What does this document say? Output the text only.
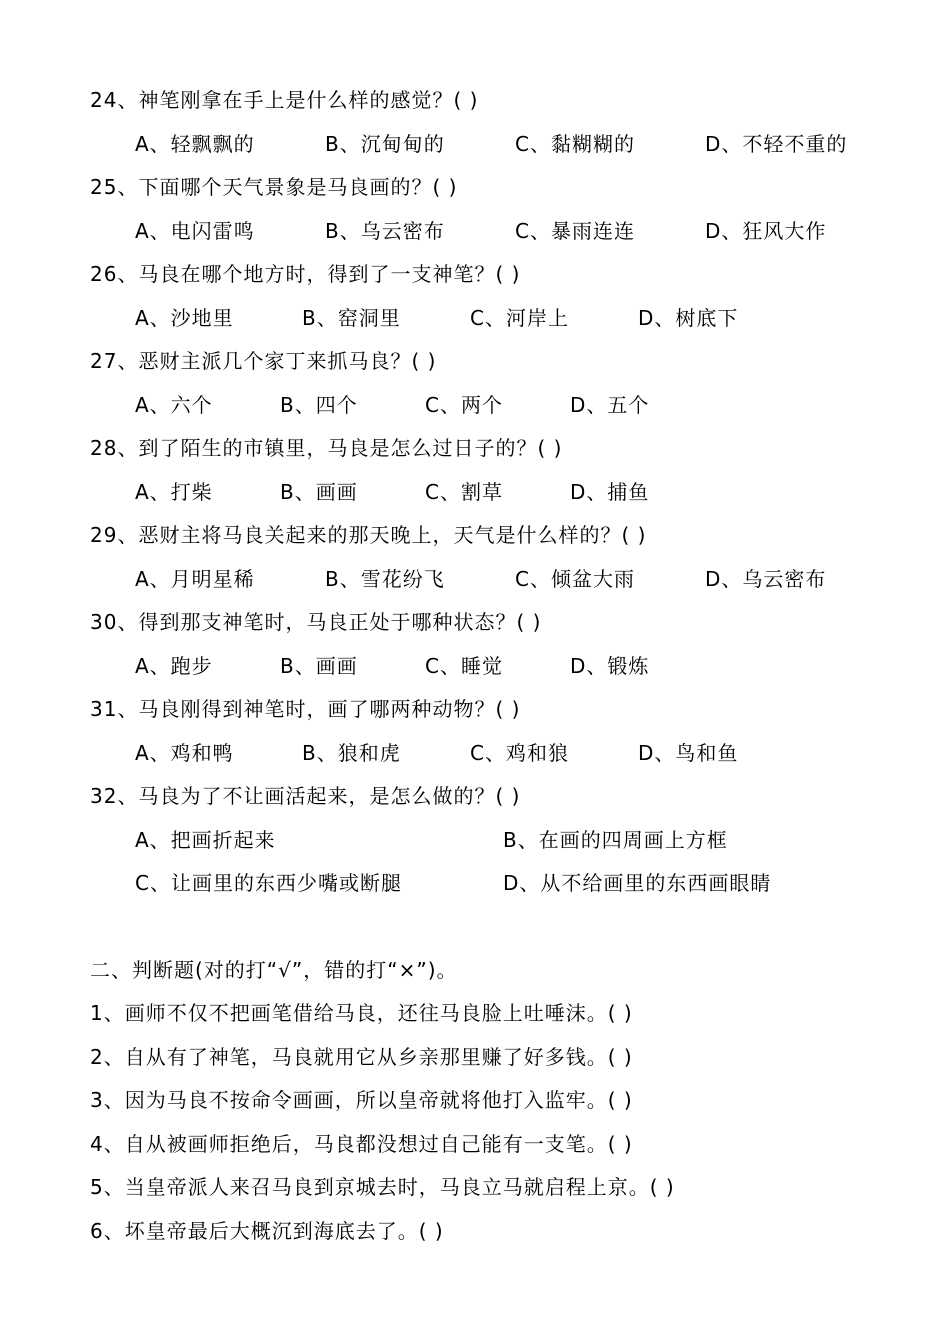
24、神笔刚拿在手上是什么样的感觉？( )
A、轻飘飘的	B、沉甸甸的	C、黏糊糊的	D、不轻不重的
25、下面哪个天气景象是马良画的？( )
A、电闪雷鸣	B、乌云密布	C、暴雨连连	D、狂风大作
26、马良在哪个地方时，得到了一支神笔？( )
A、沙地里	B、窑洞里	C、河岸上	D、树底下
27、恶财主派几个家丁来抓马良？( )
A、六个	B、四个	C、两个	D、五个
28、到了陌生的市镇里，马良是怎么过日子的？( )
A、打柴	B、画画	C、割草	D、捕鱼
29、恶财主将马良关起来的那天晚上，天气是什么样的？( )
A、月明星稀	B、雪花纷飞	C、倾盆大雨	D、乌云密布
30、得到那支神笔时，马良正处于哪种状态？( )
A、跑步	B、画画	C、睡觉	D、锻炼
31、马良刚得到神笔时，画了哪两种动物？( )
A、鸡和鸭	B、狼和虎	C、鸡和狼	D、鸟和鱼
32、马良为了不让画活起来，是怎么做的？( )
A、把画折起来	B、在画的四周画上方框
C、让画里的东西少嘴或断腿	D、从不给画里的东西画眼睛
二、判断题(对的打“√”，错的打“×”)。
1、画师不仅不把画笔借给马良，还往马良脸上吐唾沫。( )
2、自从有了神笔，马良就用它从乡亲那里赚了好多钱。( )
3、因为马良不按命令画画，所以皇帝就将他打入监牢。( )
4、自从被画师拒绝后，马良都没想过自己能有一支笔。( )
5、当皇帝派人来召马良到京城去时，马良立马就启程上京。( )
6、坏皇帝最后大概沉到海底去了。( )
